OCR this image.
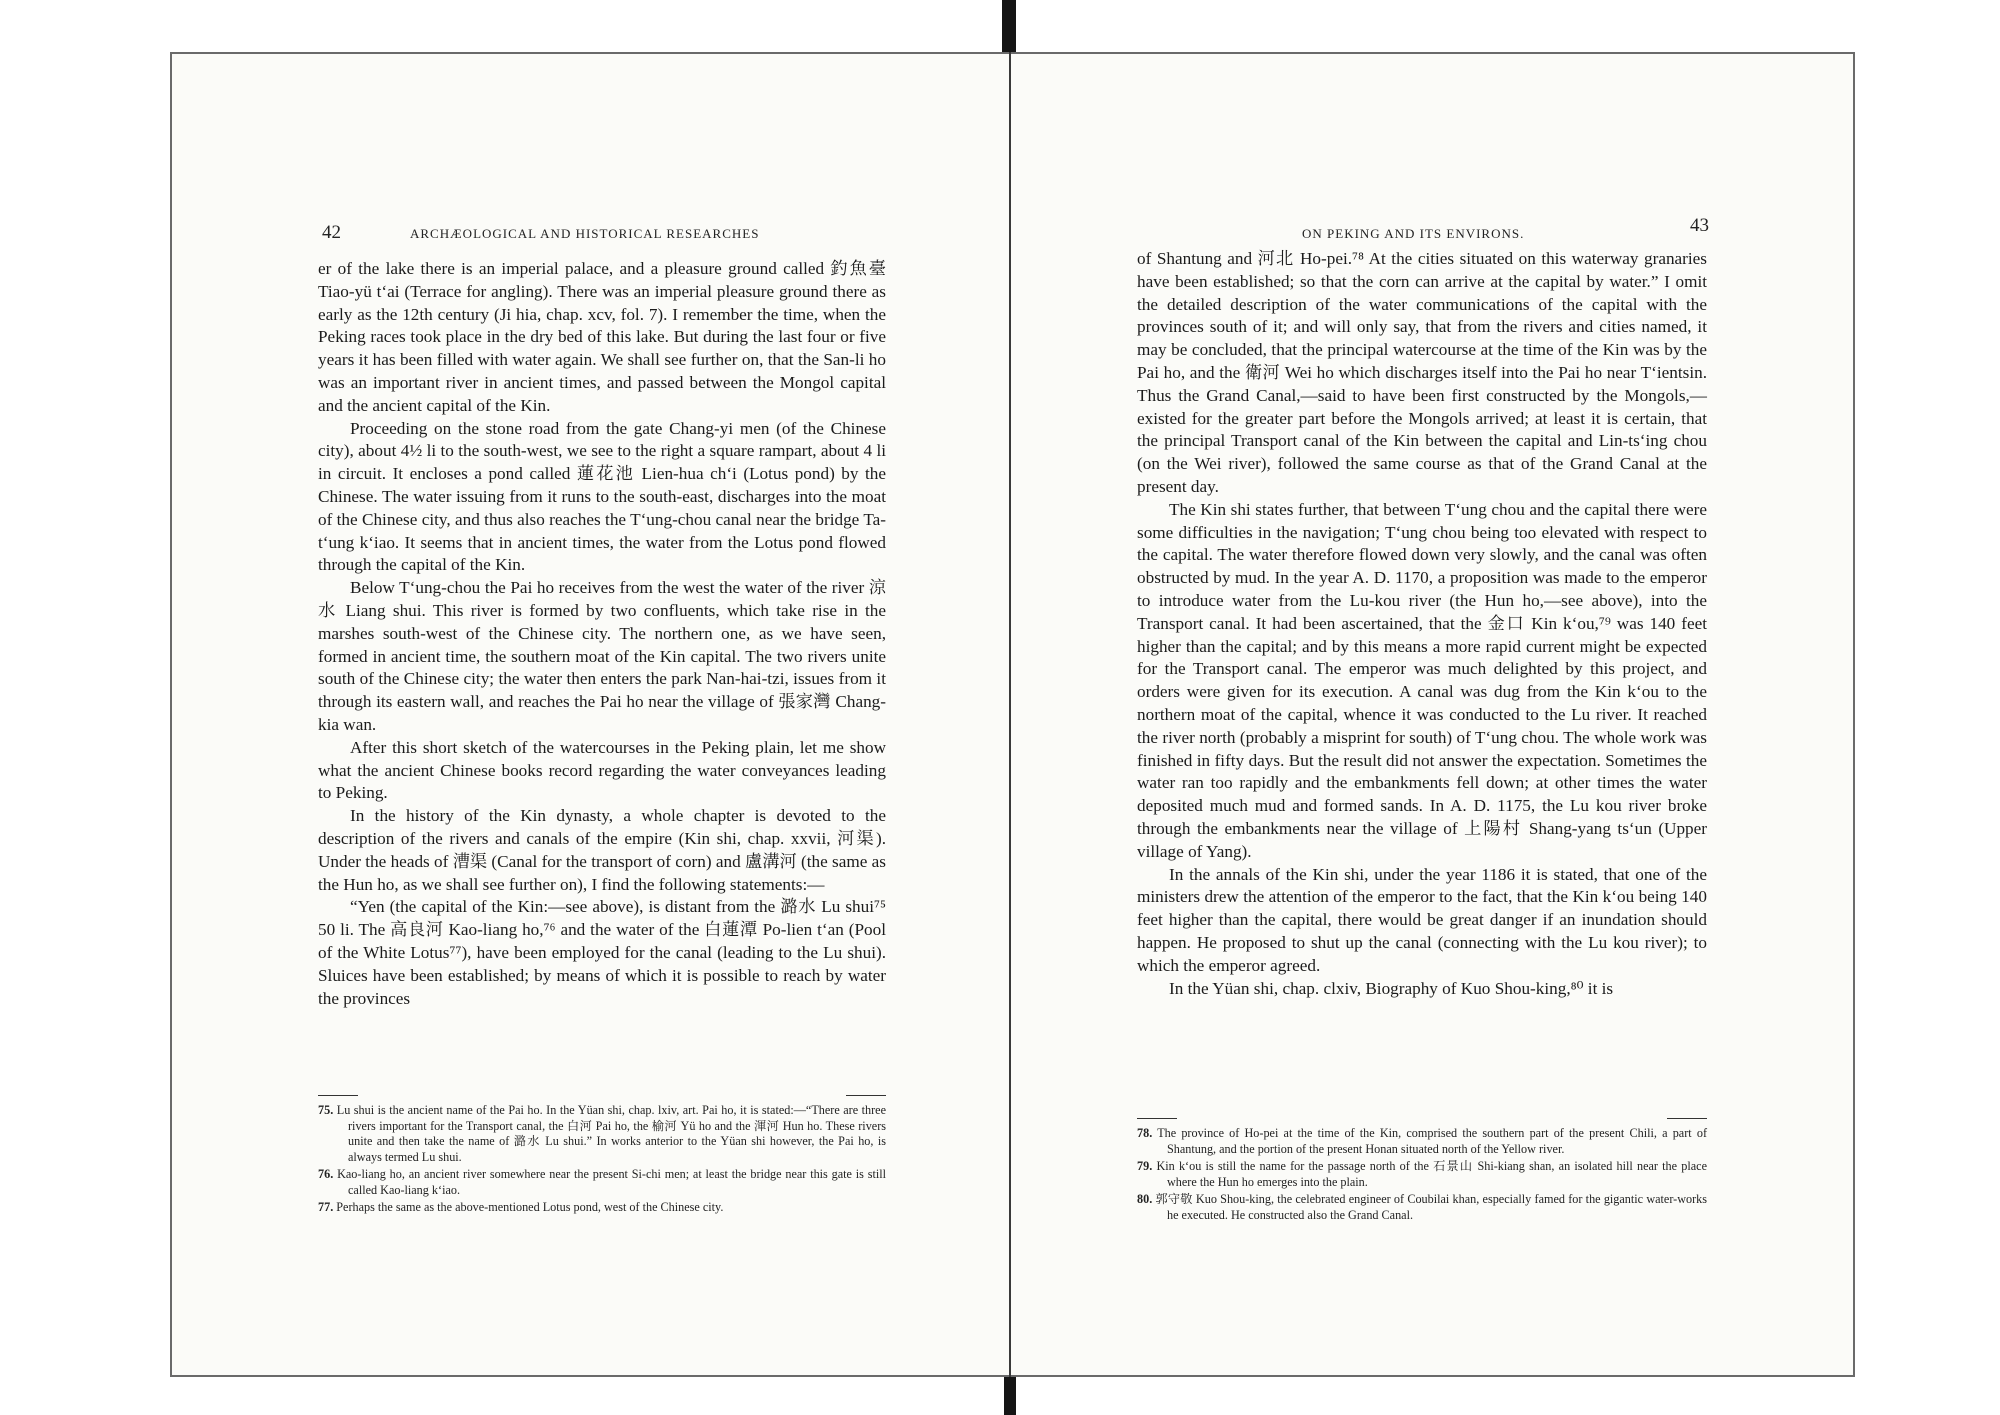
42	ARCHÆOLOGICAL AND HISTORICAL RESEARCHES

er of the lake there is an imperial palace, and a pleasure ground called 釣魚臺 Tiao-yü t‘ai (Terrace for angling). There was an imperial pleasure ground there as early as the 12th century (Ji hia, chap. xcv, fol. 7). I remember the time, when the Peking races took place in the dry bed of this lake. But during the last four or five years it has been filled with water again. We shall see further on, that the San-li ho was an important river in ancient times, and passed between the Mongol capital and the ancient capital of the Kin.

Proceeding on the stone road from the gate Chang-yi men (of the Chinese city), about 4½ li to the south-west, we see to the right a square rampart, about 4 li in circuit. It encloses a pond called 蓮花池 Lien-hua ch‘i (Lotus pond) by the Chinese. The water issuing from it runs to the south-east, discharges into the moat of the Chinese city, and thus also reaches the T‘ung-chou canal near the bridge Ta-t‘ung k‘iao. It seems that in ancient times, the water from the Lotus pond flowed through the capital of the Kin.

Below T‘ung-chou the Pai ho receives from the west the water of the river 涼水 Liang shui. This river is formed by two confluents, which take rise in the marshes south-west of the Chinese city. The northern one, as we have seen, formed in ancient time, the southern moat of the Kin capital. The two rivers unite south of the Chinese city; the water then enters the park Nan-hai-tzi, issues from it through its eastern wall, and reaches the Pai ho near the village of 張家灣 Chang-kia wan.

After this short sketch of the watercourses in the Peking plain, let me show what the ancient Chinese books record regarding the water conveyances leading to Peking.

In the history of the Kin dynasty, a whole chapter is devoted to the description of the rivers and canals of the empire (Kin shi, chap. xxvii, 河渠). Under the heads of 漕渠 (Canal for the transport of corn) and 盧溝河 (the same as the Hun ho, as we shall see further on), I find the following statements:—

“Yen (the capital of the Kin:—see above), is distant from the 潞水 Lu shui⁷⁵ 50 li. The 高良河 Kao-liang ho,⁷⁶ and the water of the 白蓮潭 Po-lien t‘an (Pool of the White Lotus⁷⁷), have been employed for the canal (leading to the Lu shui). Sluices have been established; by means of which it is possible to reach by water the provinces

75. Lu shui is the ancient name of the Pai ho. In the Yüan shi, chap. lxiv, art. Pai ho, it is stated:—“There are three rivers important for the Transport canal, the 白河 Pai ho, the 榆河 Yü ho and the 渾河 Hun ho. These rivers unite and then take the name of 潞水 Lu shui.” In works anterior to the Yüan shi however, the Pai ho, is always termed Lu shui.

76. Kao-liang ho, an ancient river somewhere near the present Si-chi men; at least the bridge near this gate is still called Kao-liang k‘iao.

77. Perhaps the same as the above-mentioned Lotus pond, west of the Chinese city.

ON PEKING AND ITS ENVIRONS.	43

of Shantung and 河北 Ho-pei.⁷⁸ At the cities situated on this waterway granaries have been established; so that the corn can arrive at the capital by water.” I omit the detailed description of the water communications of the capital with the provinces south of it; and will only say, that from the rivers and cities named, it may be concluded, that the principal watercourse at the time of the Kin was by the Pai ho, and the 衛河 Wei ho which discharges itself into the Pai ho near T‘ientsin. Thus the Grand Canal,—said to have been first constructed by the Mongols,—existed for the greater part before the Mongols arrived; at least it is certain, that the principal Transport canal of the Kin between the capital and Lin-ts‘ing chou (on the Wei river), followed the same course as that of the Grand Canal at the present day.

The Kin shi states further, that between T‘ung chou and the capital there were some difficulties in the navigation; T‘ung chou being too elevated with respect to the capital. The water therefore flowed down very slowly, and the canal was often obstructed by mud. In the year A. D. 1170, a proposition was made to the emperor to introduce water from the Lu-kou river (the Hun ho,—see above), into the Transport canal. It had been ascertained, that the 金口 Kin k‘ou,⁷⁹ was 140 feet higher than the capital; and by this means a more rapid current might be expected for the Transport canal. The emperor was much delighted by this project, and orders were given for its execution. A canal was dug from the Kin k‘ou to the northern moat of the capital, whence it was conducted to the Lu river. It reached the river north (probably a misprint for south) of T‘ung chou. The whole work was finished in fifty days. But the result did not answer the expectation. Sometimes the water ran too rapidly and the embankments fell down; at other times the water deposited much mud and formed sands. In A. D. 1175, the Lu kou river broke through the embankments near the village of 上陽村 Shang-yang ts‘un (Upper village of Yang).

In the annals of the Kin shi, under the year 1186 it is stated, that one of the ministers drew the attention of the emperor to the fact, that the Kin k‘ou being 140 feet higher than the capital, there would be great danger if an inundation should happen. He proposed to shut up the canal (connecting with the Lu kou river); to which the emperor agreed.

In the Yüan shi, chap. clxiv, Biography of Kuo Shou-king,⁸⁰ it is

78. The province of Ho-pei at the time of the Kin, comprised the southern part of the present Chili, a part of Shantung, and the portion of the present Honan situated north of the Yellow river.

79. Kin k‘ou is still the name for the passage north of the 石景山 Shi-kiang shan, an isolated hill near the place where the Hun ho emerges into the plain.

80. 郭守敬 Kuo Shou-king, the celebrated engineer of Coubilai khan, especially famed for the gigantic water-works he executed. He constructed also the Grand Canal.
